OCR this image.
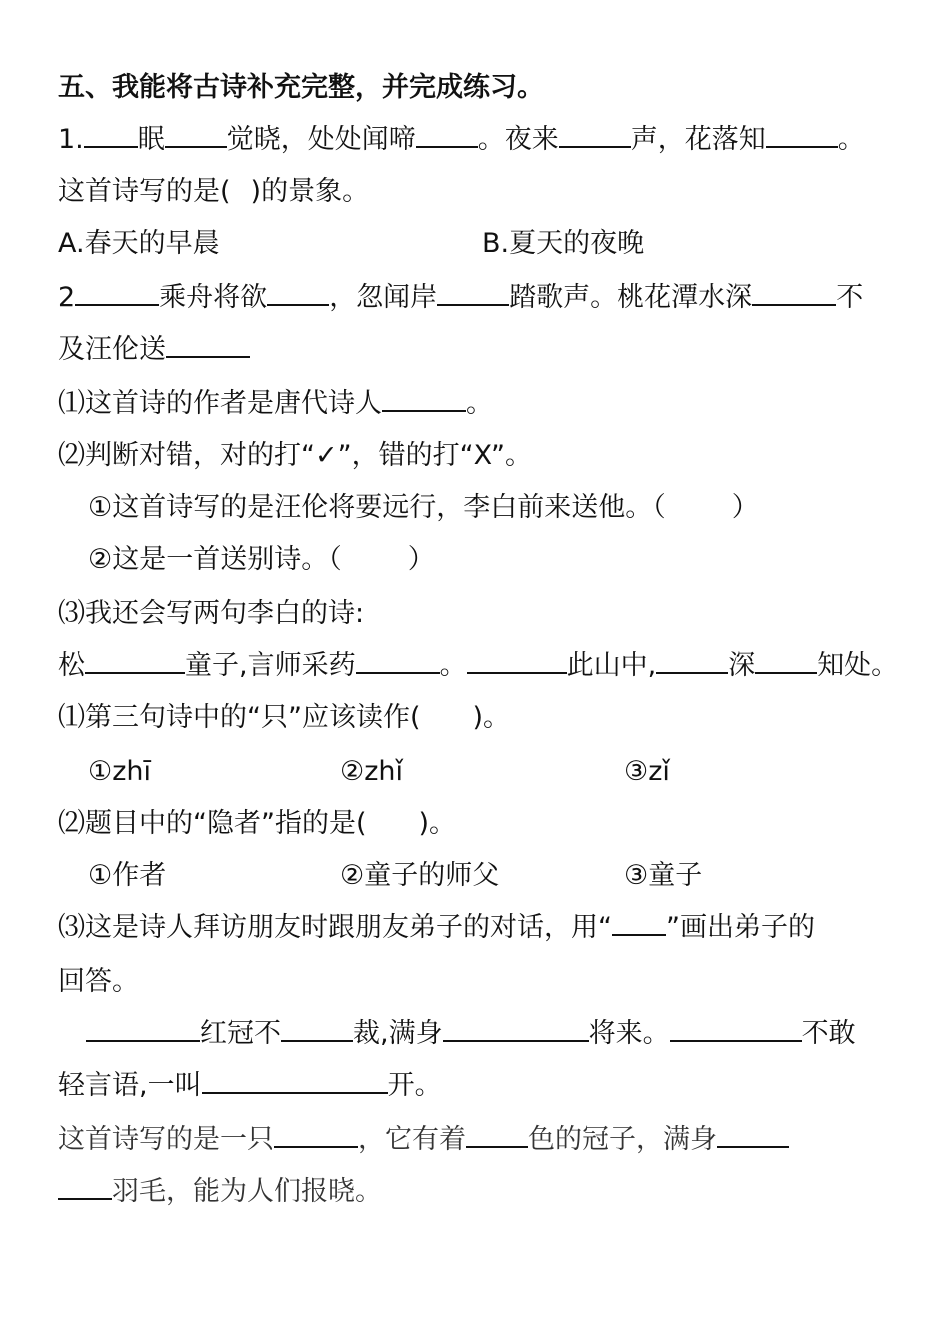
五、我能将古诗补充完整，并完成练习。
1. 眠 觉晓，处处闻啼 。夜来	声，花落知	。
这首诗写的是( )的景象。
A.春天的早晨	B.夏天的夜晚
2	乘舟将欲 ，忽闻岸	踏歌声。桃花潭水深	不
及汪伦送
⑴这首诗的作者是唐代诗人	。
⑵判断对错，对的打“✓”，错的打“X”。
①这首诗写的是汪伦将要远行，李白前来送他。（ ）
②这是一首送别诗。（ ）
⑶我还会写两句李白的诗:
松	童子,言师采药	。	此山中,	深 知处。
⑴第三句诗中的“只”应该读作( )。
①zhī	②zhǐ	③zǐ
⑵题目中的“隐者”指的是( )。
①作者	②童子的师父	③童子
⑶这是诗人拜访朋友时跟朋友弟子的对话，用“ ”画出弟子的
回答。
红冠不	裁,满身	将来。	不敢
轻言语,一叫	开。
这首诗写的是一只	，它有着 色的冠子，满身
羽毛，能为人们报晓。
